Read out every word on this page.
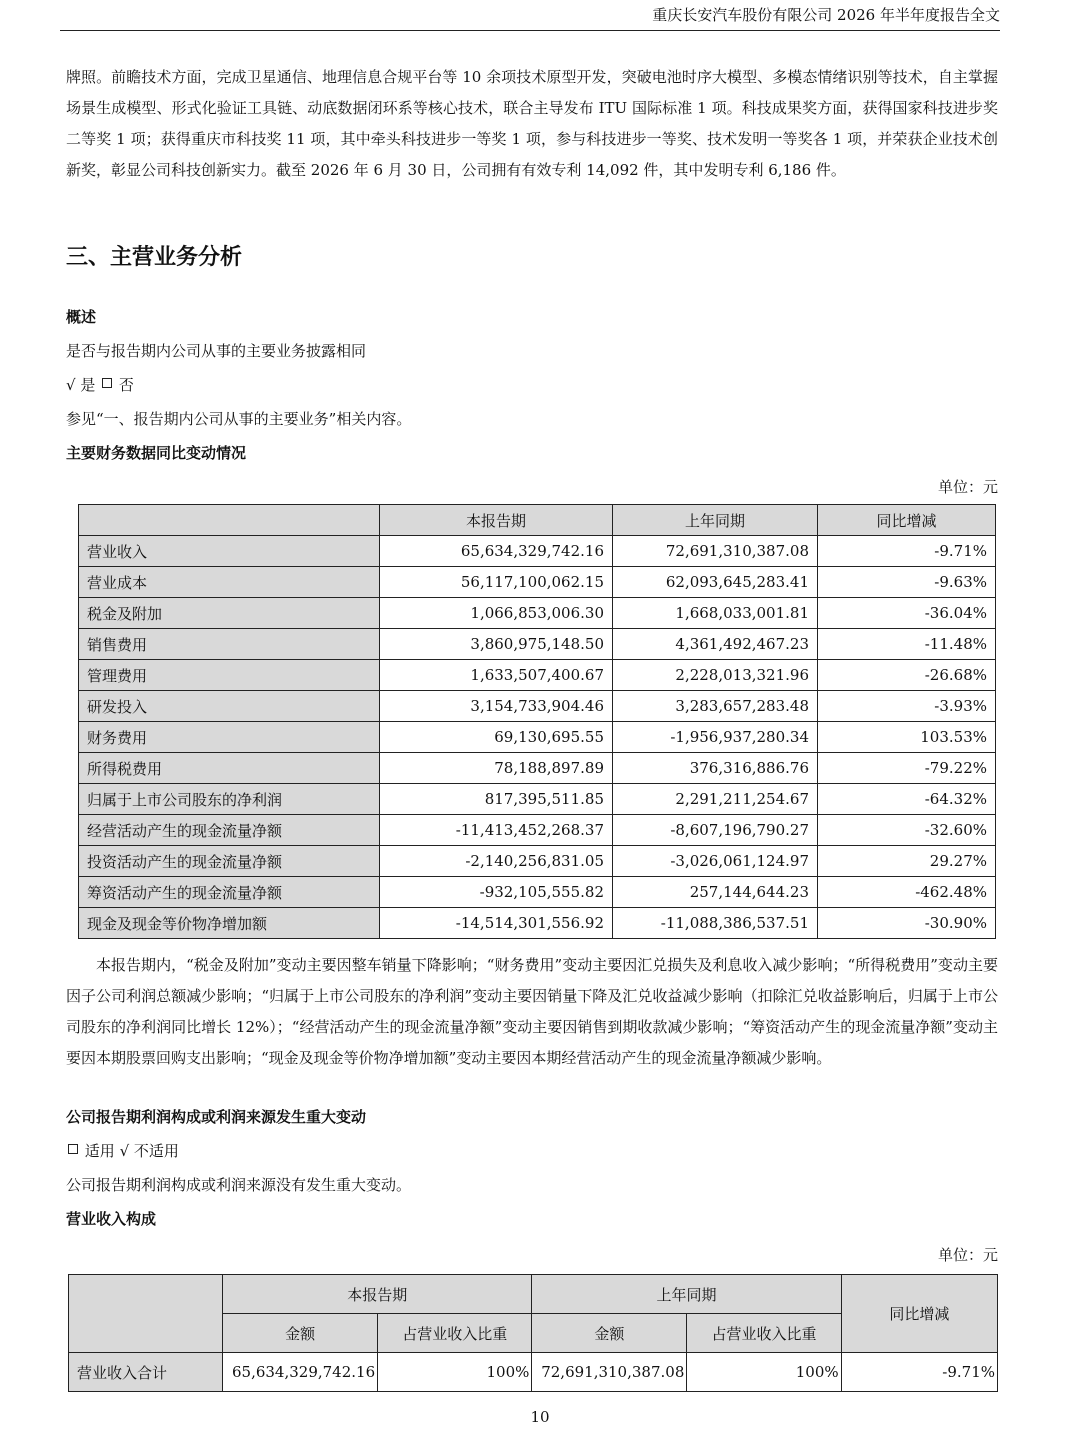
重庆长安汽车股份有限公司 2026 年半年度报告全文

牌照。前瞻技术方面，完成卫星通信、地理信息合规平台等 10 余项技术原型开发，突破电池时序大模型、多模态情绪识别等技术，自主掌握场景生成模型、形式化验证工具链、动底数据闭环系等核心技术，联合主导发布 ITU 国际标准 1 项。科技成果奖方面，获得国家科技进步奖二等奖 1 项；获得重庆市科技奖 11 项，其中牵头科技进步一等奖 1 项，参与科技进步一等奖、技术发明一等奖各 1 项，并荣获企业技术创新奖，彰显公司科技创新实力。截至 2026 年 6 月 30 日，公司拥有有效专利 14,092 件，其中发明专利 6,186 件。

三、主营业务分析
概述

是否与报告期内公司从事的主要业务披露相同

√ 是 否

参见“一、报告期内公司从事的主要业务”相关内容。

主要财务数据同比变动情况
单位：元
	本报告期	上年同期	同比增减
营业收入	65,634,329,742.16	72,691,310,387.08	-9.71%
营业成本	56,117,100,062.15	62,093,645,283.41	-9.63%
税金及附加	1,066,853,006.30	1,668,033,001.81	-36.04%
销售费用	3,860,975,148.50	4,361,492,467.23	-11.48%
管理费用	1,633,507,400.67	2,228,013,321.96	-26.68%
研发投入	3,154,733,904.46	3,283,657,283.48	-3.93%
财务费用	69,130,695.55	-1,956,937,280.34	103.53%
所得税费用	78,188,897.89	376,316,886.76	-79.22%
归属于上市公司股东的净利润	817,395,511.85	2,291,211,254.67	-64.32%
经营活动产生的现金流量净额	-11,413,452,268.37	-8,607,196,790.27	-32.60%
投资活动产生的现金流量净额	-2,140,256,831.05	-3,026,061,124.97	29.27%
筹资活动产生的现金流量净额	-932,105,555.82	257,144,644.23	-462.48%
现金及现金等价物净增加额	-14,514,301,556.92	-11,088,386,537.51	-30.90%

本报告期内，“税金及附加”变动主要因整车销量下降影响；“财务费用”变动主要因汇兑损失及利息收入减少影响；“所得税费用”变动主要因子公司利润总额减少影响；“归属于上市公司股东的净利润”变动主要因销量下降及汇兑收益减少影响（扣除汇兑收益影响后，归属于上市公司股东的净利润同比增长 12%）；“经营活动产生的现金流量净额”变动主要因销售到期收款减少影响；“筹资活动产生的现金流量净额”变动主要因本期股票回购支出影响；“现金及现金等价物净增加额”变动主要因本期经营活动产生的现金流量净额减少影响。

公司报告期利润构成或利润来源发生重大变动

适用 √ 不适用

公司报告期利润构成或利润来源没有发生重大变动。

营业收入构成
单位：元
	本报告期		上年同期		同比增减
	金额	占营业收入比重	金额	占营业收入比重	
营业收入合计	65,634,329,742.16	100%	72,691,310,387.08	100%	-9.71%
10
